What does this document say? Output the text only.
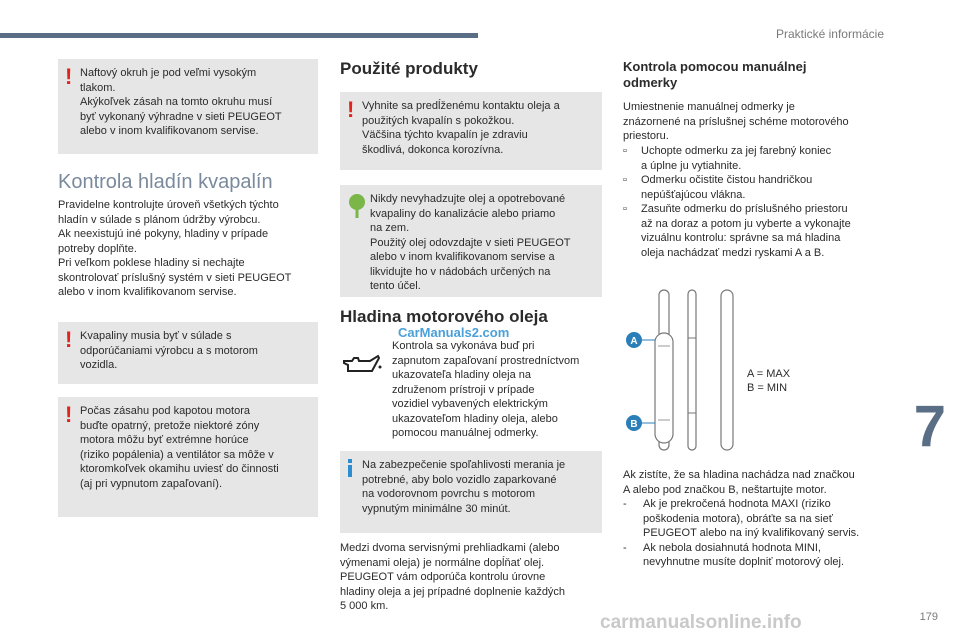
Praktické informácie
! Naftový okruh je pod veľmi vysokým
tlakom.
Akýkoľvek zásah na tomto okruhu musí
byť vykonaný výhradne v sieti PEUGEOT
alebo v inom kvalifikovanom servise.
Kontrola hladín kvapalín
Pravidelne kontrolujte úroveň všetkých týchto
hladín v súlade s plánom údržby výrobcu.
Ak neexistujú iné pokyny, hladiny v prípade
potreby doplňte.
Pri veľkom poklese hladiny si nechajte
skontrolovať príslušný systém v sieti PEUGEOT
alebo v inom kvalifikovanom servise.
! Kvapaliny musia byť v súlade s
odporúčaniami výrobcu a s motorom
vozidla.
! Počas zásahu pod kapotou motora
buďte opatrný, pretože niektoré zóny
motora môžu byť extrémne horúce
(riziko popálenia) a ventilátor sa môže v
ktoromkoľvek okamihu uviesť do činnosti
(aj pri vypnutom zapaľovaní).
Použité produkty
! Vyhnite sa predĺženému kontaktu oleja a
použitých kvapalín s pokožkou.
Väčšina týchto kvapalín je zdraviu
škodlivá, dokonca korozívna.
Nikdy nevyhadzujte olej a opotrebované
kvapaliny do kanalizácie alebo priamo
na zem.
Použitý olej odovzdajte v sieti PEUGEOT
alebo v inom kvalifikovanom servise a
likvidujte ho v nádobách určených na
tento účel.
Hladina motorového oleja
CarManuals2.com
Kontrola sa vykonáva buď pri
zapnutom zapaľovaní prostredníctvom
ukazovateľa hladiny oleja na
združenom prístroji v prípade
vozidiel vybavených elektrickým
ukazovateľom hladiny oleja, alebo
pomocou manuálnej odmerky.
Na zabezpečenie spoľahlivosti merania je
potrebné, aby bolo vozidlo zaparkované
na vodorovnom povrchu s motorom
vypnutým minimálne 30 minút.
Medzi dvoma servisnými prehliadkami (alebo
výmenami oleja) je normálne dopĺňať olej.
PEUGEOT vám odporúča kontrolu úrovne
hladiny oleja a jej prípadné doplnenie každých
5 000 km.
Kontrola pomocou manuálnej
odmerky
Umiestnenie manuálnej odmerky je
znázornené na príslušnej schéme motorového
priestoru.
▫ Uchopte odmerku za jej farebný koniec
a úplne ju vytiahnite.
▫ Odmerku očistite čistou handričkou
nepúšťajúcou vlákna.
▫ Zasuňte odmerku do príslušného priestoru
až na doraz a potom ju vyberte a vykonajte
vizuálnu kontrolu: správne sa má hladina
oleja nachádzať medzi ryskami A a B.
A
B
A = MAX
B = MIN
Ak zistíte, že sa hladina nachádza nad značkou
A alebo pod značkou B, neštartujte motor.
- Ak je prekročená hodnota MAXI (riziko
poškodenia motora), obráťte sa na sieť
PEUGEOT alebo na iný kvalifikovaný servis.
- Ak nebola dosiahnutá hodnota MINI,
nevyhnutne musíte doplniť motorový olej.
7
179
carmanualsonline.info
